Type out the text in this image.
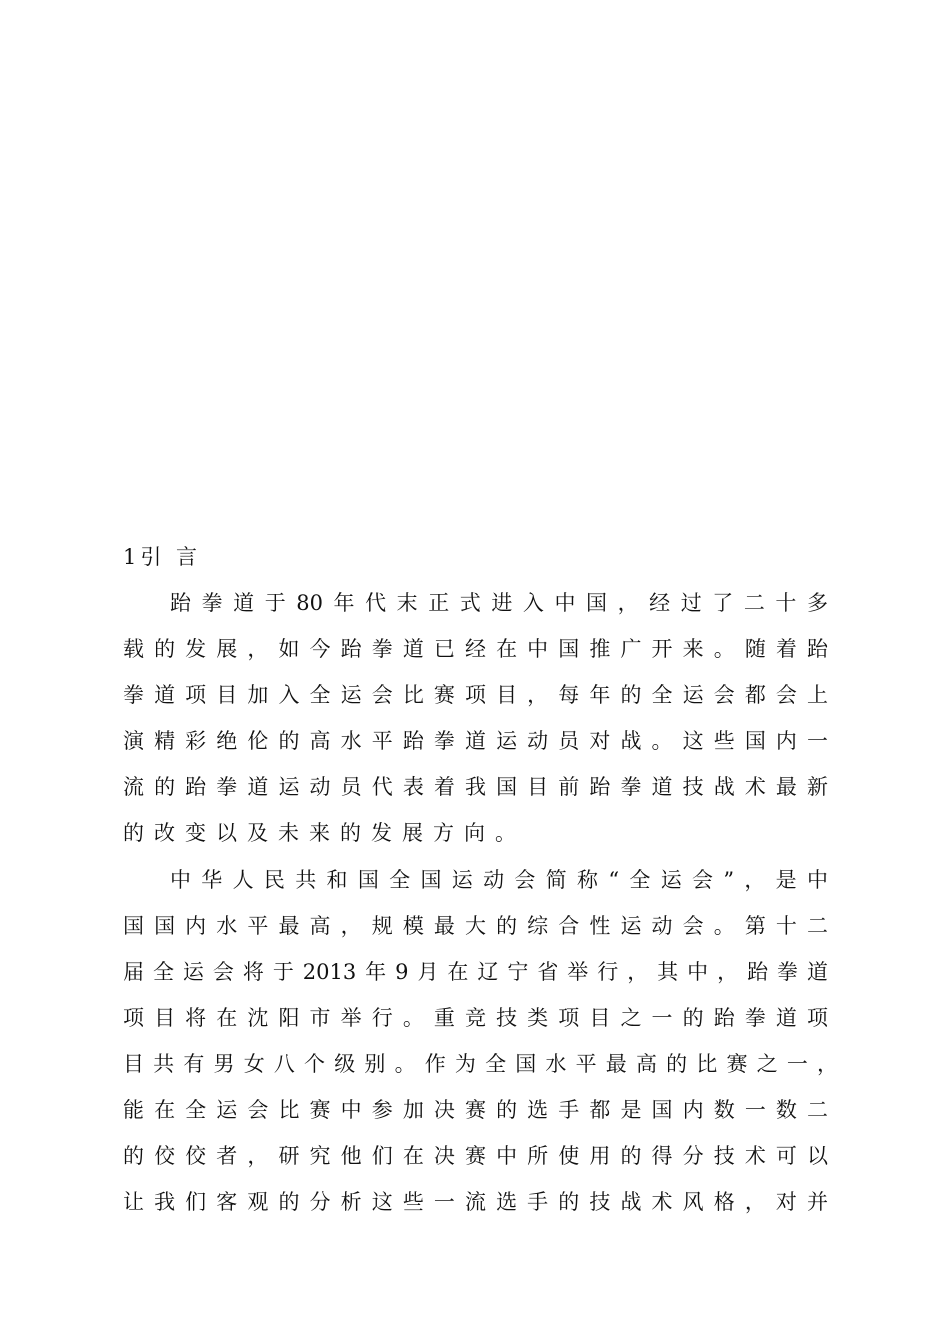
1引 言
跆拳道于80年代末正式进入中国，经过了二十多
载的发展，如今跆拳道已经在中国推广开来。随着跆
拳道项目加入全运会比赛项目，每年的全运会都会上
演精彩绝伦的高水平跆拳道运动员对战。这些国内一
流的跆拳道运动员代表着我国目前跆拳道技战术最新
的改变以及未来的发展方向。
中华人民共和国全国运动会简称“全运会”，是中
国国内水平最高，规模最大的综合性运动会。第十二
届全运会将于2013年9月在辽宁省举行，其中，跆拳道
项目将在沈阳市举行。重竞技类项目之一的跆拳道项
目共有男女八个级别。作为全国水平最高的比赛之一，
能在全运会比赛中参加决赛的选手都是国内数一数二
的佼佼者，研究他们在决赛中所使用的得分技术可以
让我们客观的分析这些一流选手的技战术风格，对并
